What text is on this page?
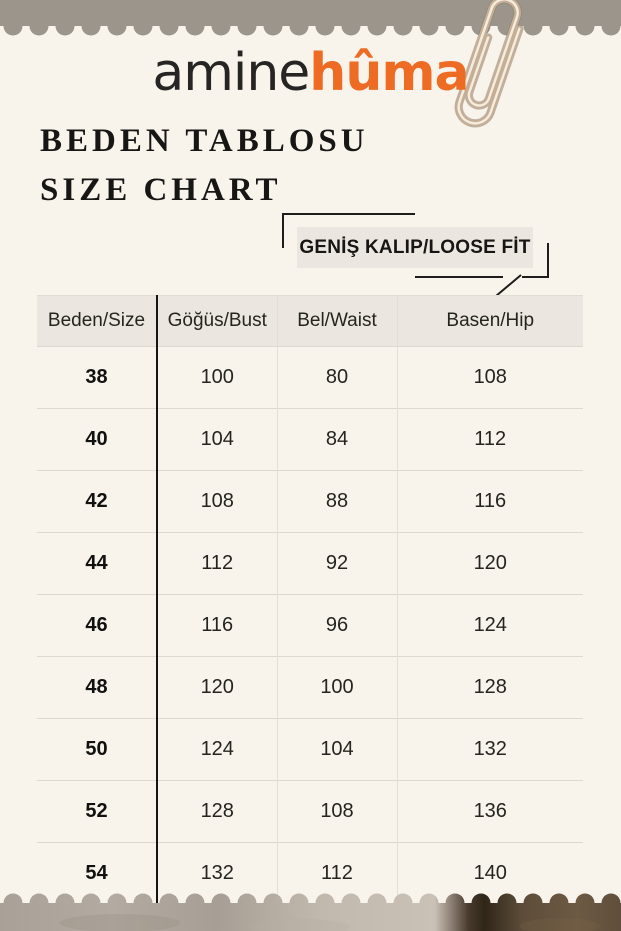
aminehûma
BEDEN TABLOSU
SIZE CHART
GENİŞ KALIP/LOOSE FİT
Beden/Size	Göğüs/Bust	Bel/Waist	Basen/Hip
38	100	80	108
40	104	84	112
42	108	88	116
44	112	92	120
46	116	96	124
48	120	100	128
50	124	104	132
52	128	108	136
54	132	112	140
